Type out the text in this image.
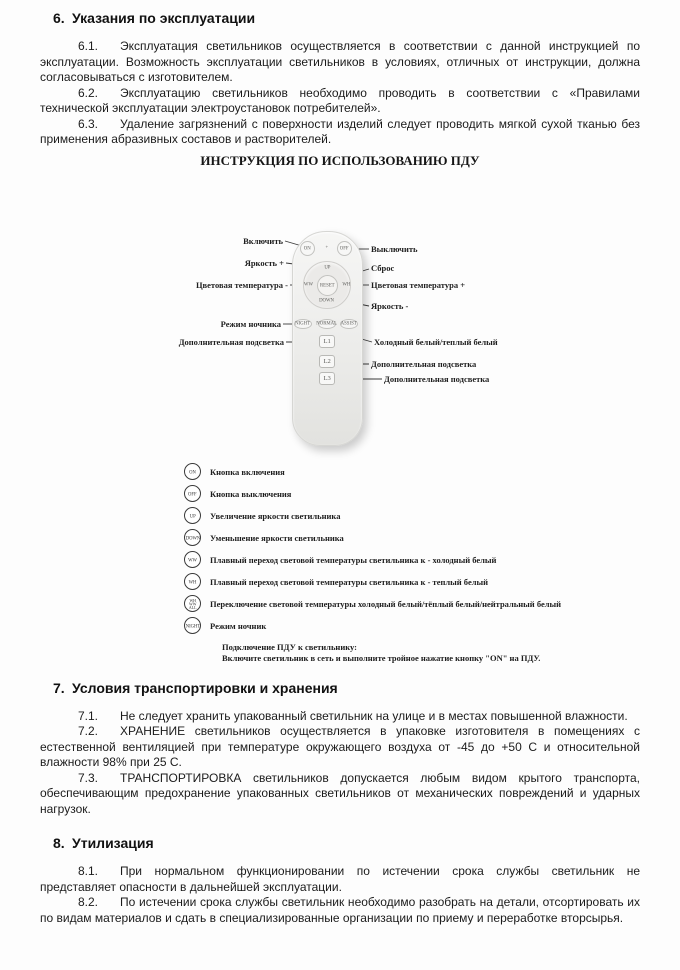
6. Указания по эксплуатации

6.1. Эксплуатация светильников осуществляется в соответствии с данной инструкцией по эксплуатации. Возможность эксплуатации светильников в условиях, отличных от инструкции, должна согласовываться с изготовителем.

6.2. Эксплуатацию светильников необходимо проводить в соответствии с «Правилами технической эксплуатации электроустановок потребителей».

6.3. Удаление загрязнений с поверхности изделий следует проводить мягкой сухой тканью без применения абразивных составов и растворителей.

ИНСТРУКЦИЯ ПО ИСПОЛЬЗОВАНИЮ ПДУ
ON + OFF
UP
WW RESET WH
DOWN
NIGHT NORMAL ASSIST
L1
L2
L3
Включить
Яркость +
Цветовая температура -
Режим ночника
Дополнительная подсветка
Выключить
Сброс
Цветовая температура +
Яркость -
Холодный белый/теплый белый
Дополнительная подсветка
Дополнительная подсветка
ON Кнопка включения
OFF Кнопка выключения
UP Увеличение яркости светильника
DOWN Уменьшение яркости светильника
WW Плавный переход световой температуры светильника к - холодный белый
WH Плавный переход световой температуры светильника к - теплый белый
WH WW ALL Переключение световой температуры холодный белый/тёплый белый/нейтральный белый
NIGHT Режим ночник

Подключение ПДУ к светильнику:

Включите светильник в сеть и выполните тройное нажатие кнопку "ON" на ПДУ.

7. Условия транспортировки и хранения

7.1. Не следует хранить упакованный светильник на улице и в местах повышенной влажности.

7.2. ХРАНЕНИЕ светильников осуществляется в упаковке изготовителя в помещениях с естественной вентиляцией при температуре окружающего воздуха от -45 до +50 С и относительной влажности 98% при 25 С.

7.3. ТРАНСПОРТИРОВКА светильников допускается любым видом крытого транспорта, обеспечивающим предохранение упакованных светильников от механических повреждений и ударных нагрузок.

8. Утилизация

8.1. При нормальном функционировании по истечении срока службы светильник не представляет опасности в дальнейшей эксплуатации.

8.2. По истечении срока службы светильник необходимо разобрать на детали, отсортировать их по видам материалов и сдать в специализированные организации по приему и переработке вторсырья.
